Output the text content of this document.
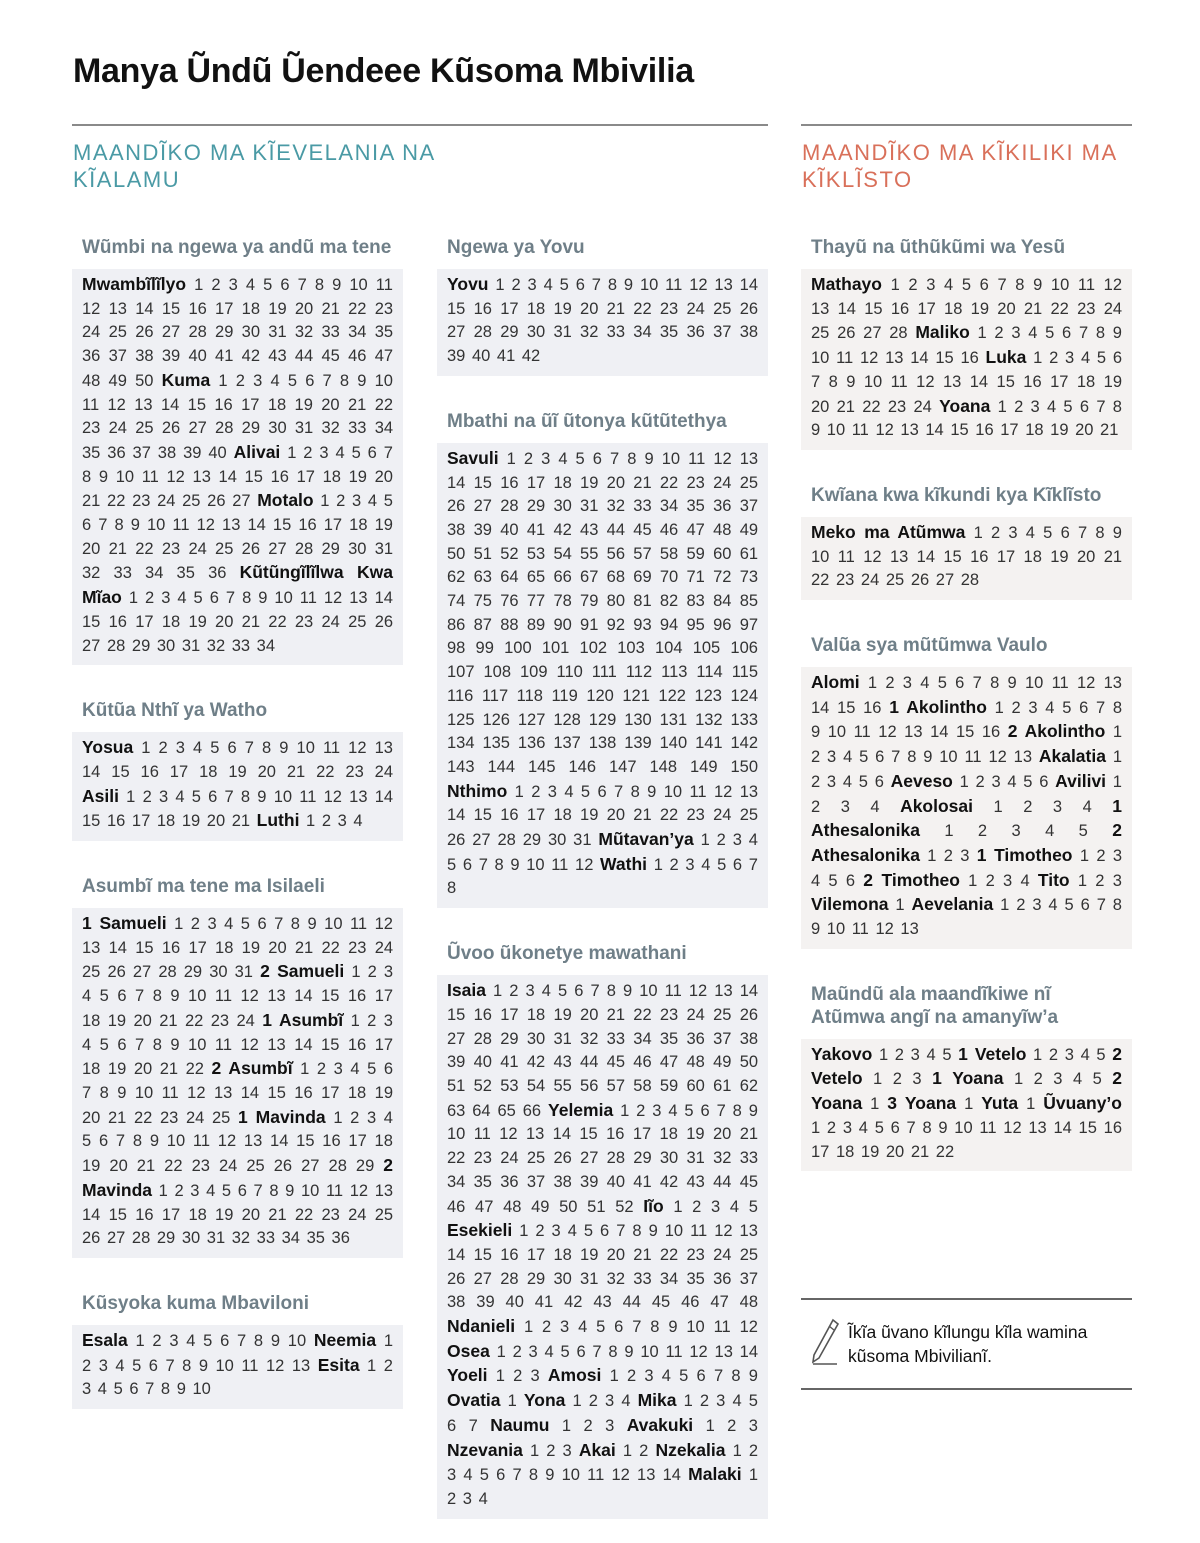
Manya Ũndũ Ũendeee Kũsoma Mbivilia
MAANDĨKO MA KĨEVELANIA NA KĨALAMU
MAANDĨKO MA KĨKILIKI MA KĨKLĨSTO
Wũmbi na ngewa ya andũ ma tene
Mwambĩlĩlyo 1 2 3 4 5 6 7 8 9 10 11 12 13 14 15 16 17 18 19 20 21 22 23 24 25 26 27 28 29 30 31 32 33 34 35 36 37 38 39 40 41 42 43 44 45 46 47 48 49 50 Kuma 1 2 3 4 5 6 7 8 9 10 11 12 13 14 15 16 17 18 19 20 21 22 23 24 25 26 27 28 29 30 31 32 33 34 35 36 37 38 39 40 Alivai 1 2 3 4 5 6 7 8 9 10 11 12 13 14 15 16 17 18 19 20 21 22 23 24 25 26 27 Motalo 1 2 3 4 5 6 7 8 9 10 11 12 13 14 15 16 17 18 19 20 21 22 23 24 25 26 27 28 29 30 31 32 33 34 35 36 Kũtũngĩlĩlwa Kwa Mĩao 1 2 3 4 5 6 7 8 9 10 11 12 13 14 15 16 17 18 19 20 21 22 23 24 25 26 27 28 29 30 31 32 33 34
Kũtũa Nthĩ ya Watho
Yosua 1 2 3 4 5 6 7 8 9 10 11 12 13 14 15 16 17 18 19 20 21 22 23 24 Asili 1 2 3 4 5 6 7 8 9 10 11 12 13 14 15 16 17 18 19 20 21 Luthi 1 2 3 4
Asumbĩ ma tene ma Isilaeli
1 Samueli 1 2 3 4 5 6 7 8 9 10 11 12 13 14 15 16 17 18 19 20 21 22 23 24 25 26 27 28 29 30 31 2 Samueli 1 2 3 4 5 6 7 8 9 10 11 12 13 14 15 16 17 18 19 20 21 22 23 24 1 Asumbĩ 1 2 3 4 5 6 7 8 9 10 11 12 13 14 15 16 17 18 19 20 21 22 2 Asumbĩ 1 2 3 4 5 6 7 8 9 10 11 12 13 14 15 16 17 18 19 20 21 22 23 24 25 1 Mavinda 1 2 3 4 5 6 7 8 9 10 11 12 13 14 15 16 17 18 19 20 21 22 23 24 25 26 27 28 29 2 Mavinda 1 2 3 4 5 6 7 8 9 10 11 12 13 14 15 16 17 18 19 20 21 22 23 24 25 26 27 28 29 30 31 32 33 34 35 36
Kũsyoka kuma Mbaviloni
Esala 1 2 3 4 5 6 7 8 9 10 Neemia 1 2 3 4 5 6 7 8 9 10 11 12 13 Esita 1 2 3 4 5 6 7 8 9 10
Ngewa ya Yovu
Yovu 1 2 3 4 5 6 7 8 9 10 11 12 13 14 15 16 17 18 19 20 21 22 23 24 25 26 27 28 29 30 31 32 33 34 35 36 37 38 39 40 41 42
Mbathi na ũĩ ũtonya kũtũtethya
Savuli 1 2 3 4 5 6 7 8 9 10 11 12 13 14 15 16 17 18 19 20 21 22 23 24 25 26 27 28 29 30 31 32 33 34 35 36 37 38 39 40 41 42 43 44 45 46 47 48 49 50 51 52 53 54 55 56 57 58 59 60 61 62 63 64 65 66 67 68 69 70 71 72 73 74 75 76 77 78 79 80 81 82 83 84 85 86 87 88 89 90 91 92 93 94 95 96 97 98 99 100 101 102 103 104 105 106 107 108 109 110 111 112 113 114 115 116 117 118 119 120 121 122 123 124 125 126 127 128 129 130 131 132 133 134 135 136 137 138 139 140 141 142 143 144 145 146 147 148 149 150 Nthimo 1 2 3 4 5 6 7 8 9 10 11 12 13 14 15 16 17 18 19 20 21 22 23 24 25 26 27 28 29 30 31 Mũtavan’ya 1 2 3 4 5 6 7 8 9 10 11 12 Wathi 1 2 3 4 5 6 7 8
Ũvoo ũkonetye mawathani
Isaia 1 2 3 4 5 6 7 8 9 10 11 12 13 14 15 16 17 18 19 20 21 22 23 24 25 26 27 28 29 30 31 32 33 34 35 36 37 38 39 40 41 42 43 44 45 46 47 48 49 50 51 52 53 54 55 56 57 58 59 60 61 62 63 64 65 66 Yelemia 1 2 3 4 5 6 7 8 9 10 11 12 13 14 15 16 17 18 19 20 21 22 23 24 25 26 27 28 29 30 31 32 33 34 35 36 37 38 39 40 41 42 43 44 45 46 47 48 49 50 51 52 Iĩo 1 2 3 4 5 Esekieli 1 2 3 4 5 6 7 8 9 10 11 12 13 14 15 16 17 18 19 20 21 22 23 24 25 26 27 28 29 30 31 32 33 34 35 36 37 38 39 40 41 42 43 44 45 46 47 48 Ndanieli 1 2 3 4 5 6 7 8 9 10 11 12 Osea 1 2 3 4 5 6 7 8 9 10 11 12 13 14 Yoeli 1 2 3 Amosi 1 2 3 4 5 6 7 8 9 Ovatia 1 Yona 1 2 3 4 Mika 1 2 3 4 5 6 7 Naumu 1 2 3 Avakuki 1 2 3 Nzevania 1 2 3 Akai 1 2 Nzekalia 1 2 3 4 5 6 7 8 9 10 11 12 13 14 Malaki 1 2 3 4
Thayũ na ũthũkũmi wa Yesũ
Mathayo 1 2 3 4 5 6 7 8 9 10 11 12 13 14 15 16 17 18 19 20 21 22 23 24 25 26 27 28 Maliko 1 2 3 4 5 6 7 8 9 10 11 12 13 14 15 16 Luka 1 2 3 4 5 6 7 8 9 10 11 12 13 14 15 16 17 18 19 20 21 22 23 24 Yoana 1 2 3 4 5 6 7 8 9 10 11 12 13 14 15 16 17 18 19 20 21
Kwĩana kwa kĩkundi kya Kĩklĩsto
Meko ma Atũmwa 1 2 3 4 5 6 7 8 9 10 11 12 13 14 15 16 17 18 19 20 21 22 23 24 25 26 27 28
Valũa sya mũtũmwa Vaulo
Alomi 1 2 3 4 5 6 7 8 9 10 11 12 13 14 15 16 1 Akolintho 1 2 3 4 5 6 7 8 9 10 11 12 13 14 15 16 2 Akolintho 1 2 3 4 5 6 7 8 9 10 11 12 13 Akalatia 1 2 3 4 5 6 Aeveso 1 2 3 4 5 6 Avilivi 1 2 3 4 Akolosai 1 2 3 4 1 Athesalonika 1 2 3 4 5 2 Athesalonika 1 2 3 1 Timotheo 1 2 3 4 5 6 2 Timotheo 1 2 3 4 Tito 1 2 3 Vilemona 1 Aevelania 1 2 3 4 5 6 7 8 9 10 11 12 13
Maũndũ ala maandĩkiwe nĩ Atũmwa angĩ na amanyĩw’a
Yakovo 1 2 3 4 5 1 Vetelo 1 2 3 4 5 2 Vetelo 1 2 3 1 Yoana 1 2 3 4 5 2 Yoana 1 3 Yoana 1 Yuta 1 Ũvuany’o 1 2 3 4 5 6 7 8 9 10 11 12 13 14 15 16 17 18 19 20 21 22
Ĩkĩa ũvano kĩlungu kĩla wamina kũsoma Mbivilianĩ.
